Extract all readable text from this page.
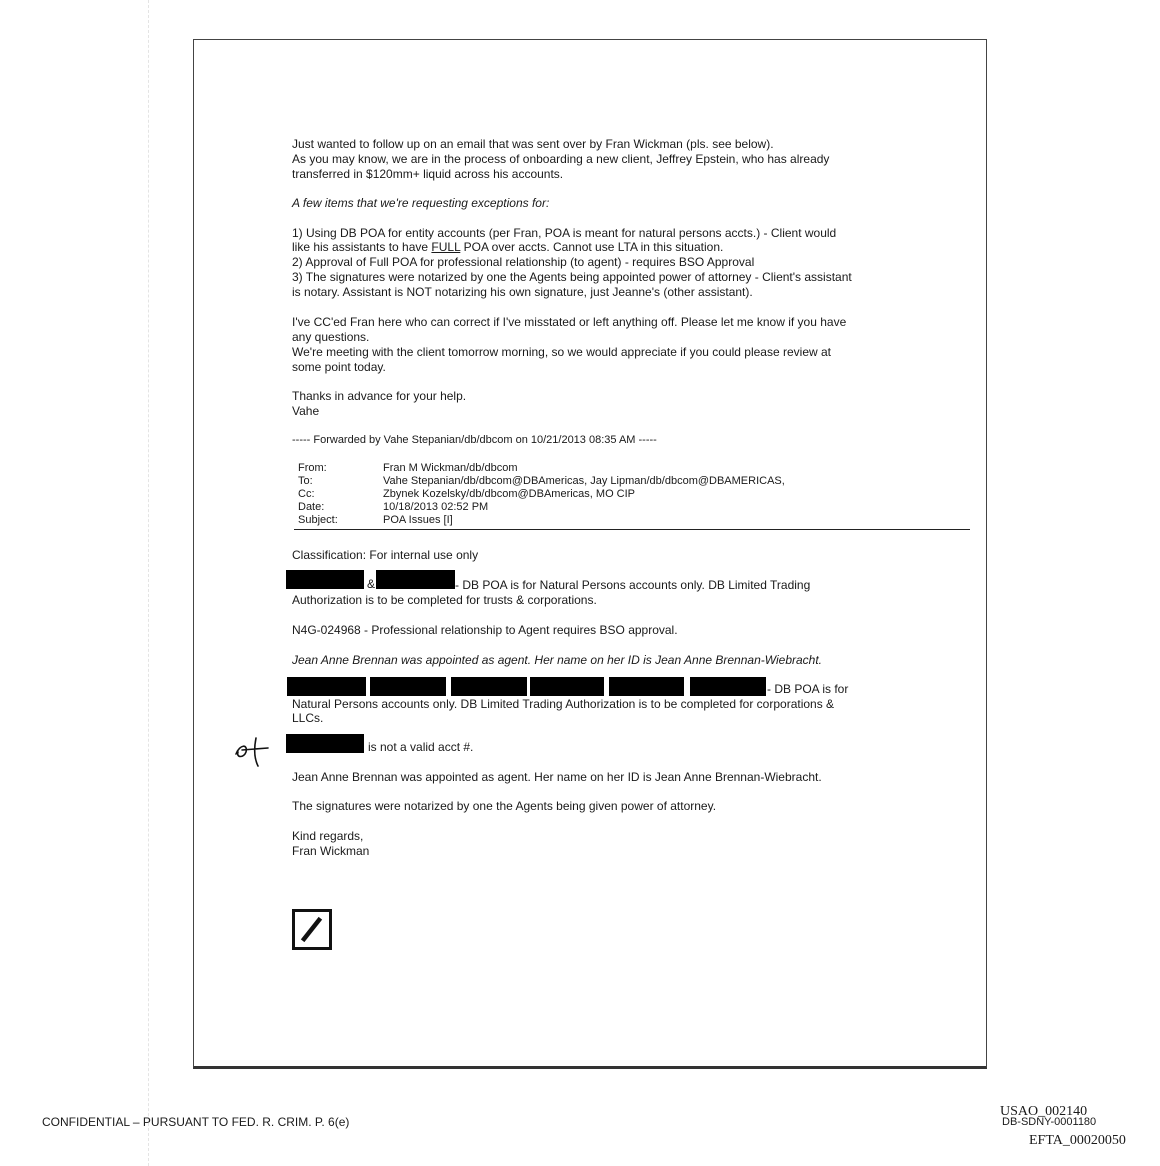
Just wanted to follow up on an email that was sent over by Fran Wickman (pls. see below).
As you may know, we are in the process of onboarding a new client, Jeffrey Epstein, who has already
transferred in $120mm+ liquid across his accounts.
A few items that we're requesting exceptions for:
1) Using DB POA for entity accounts (per Fran, POA is meant for natural persons accts.) - Client would
like his assistants to have FULL POA over accts. Cannot use LTA in this situation.
2) Approval of Full POA for professional relationship (to agent) - requires BSO Approval
3) The signatures were notarized by one the Agents being appointed power of attorney - Client's assistant
is notary. Assistant is NOT notarizing his own signature, just Jeanne's (other assistant).
I've CC'ed Fran here who can correct if I've misstated or left anything off. Please let me know if you have
any questions.
We're meeting with the client tomorrow morning, so we would appreciate if you could please review at
some point today.
Thanks in advance for your help.
Vahe
----- Forwarded by Vahe Stepanian/db/dbcom on 10/21/2013 08:35 AM -----
From:	Fran M Wickman/db/dbcom
To:	Vahe Stepanian/db/dbcom@DBAmericas, Jay Lipman/db/dbcom@DBAMERICAS,
Cc:	Zbynek Kozelsky/db/dbcom@DBAmericas, MO CIP
Date:	10/18/2013 02:52 PM
Subject:	POA Issues [I]
Classification: For internal use only
&	- DB POA is for Natural Persons accounts only. DB Limited Trading
Authorization is to be completed for trusts & corporations.
N4G-024968 - Professional relationship to Agent requires BSO approval.
Jean Anne Brennan was appointed as agent. Her name on her ID is Jean Anne Brennan-Wiebracht.
- DB POA is for
Natural Persons accounts only. DB Limited Trading Authorization is to be completed for corporations &
LLCs.
is not a valid acct #.
Jean Anne Brennan was appointed as agent. Her name on her ID is Jean Anne Brennan-Wiebracht.
The signatures were notarized by one the Agents being given power of attorney.
Kind regards,
Fran Wickman
CONFIDENTIAL – PURSUANT TO FED. R. CRIM. P. 6(e)
USAO_002140
DB-SDNY-0001180
EFTA_00020050
